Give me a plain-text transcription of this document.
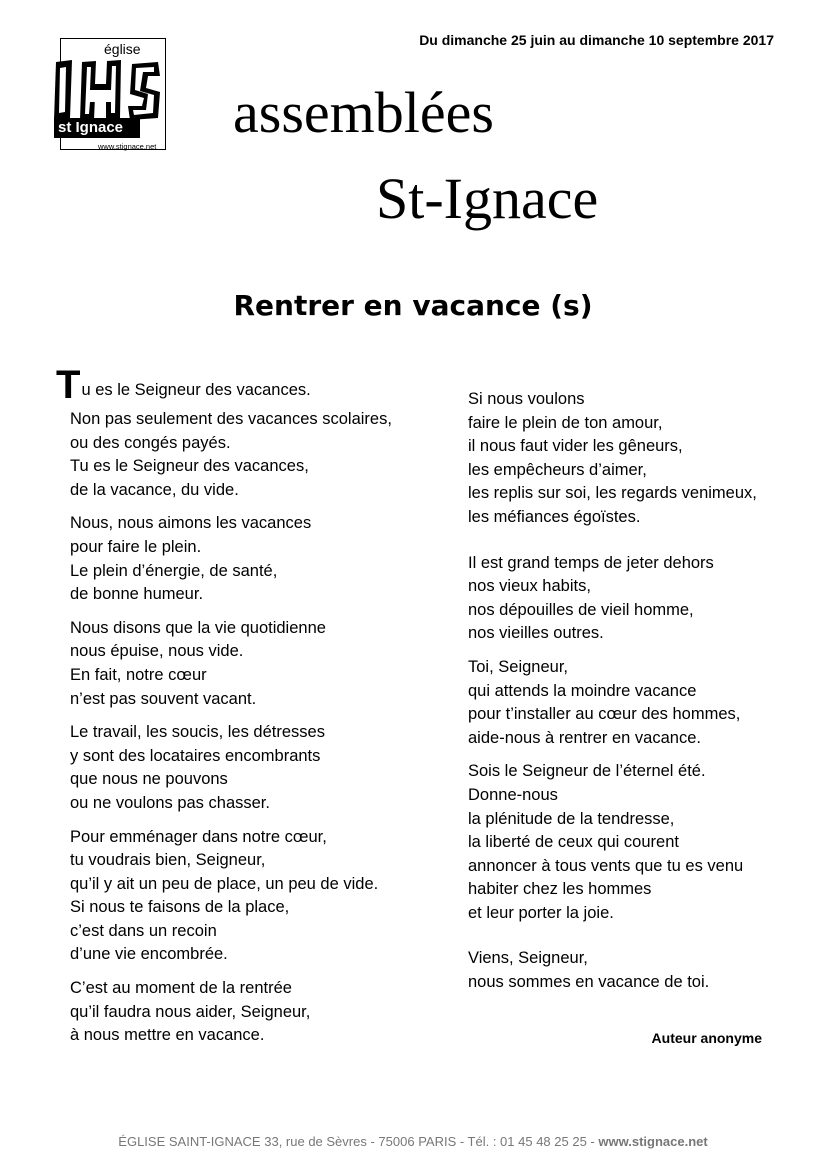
Du dimanche 25 juin au dimanche 10 septembre 2017
église
st Ignace
www.stignace.net
assemblées
St-Ignace
Rentrer en vacance (s)
T u es le Seigneur des vacances.
Non pas seulement des vacances scolaires,
ou des congés payés.
Tu es le Seigneur des vacances,
de la vacance, du vide.
Nous, nous aimons les vacances
pour faire le plein.
Le plein d’énergie, de santé,
de bonne humeur.
Nous disons que la vie quotidienne
nous épuise, nous vide.
En fait, notre cœur
n’est pas souvent vacant.
Le travail, les soucis, les détresses
y sont des locataires encombrants
que nous ne pouvons
ou ne voulons pas chasser.
Pour emménager dans notre cœur,
tu voudrais bien, Seigneur,
qu’il y ait un peu de place, un peu de vide.
Si nous te faisons de la place,
c’est dans un recoin
d’une vie encombrée.
C’est au moment de la rentrée
qu’il faudra nous aider, Seigneur,
à nous mettre en vacance.
Si nous voulons
faire le plein de ton amour,
il nous faut vider les gêneurs,
les empêcheurs d’aimer,
les replis sur soi, les regards venimeux,
les méfiances égoïstes.
Il est grand temps de jeter dehors
nos vieux habits,
nos dépouilles de vieil homme,
nos vieilles outres.
Toi, Seigneur,
qui attends la moindre vacance
pour t’installer au cœur des hommes,
aide-nous à rentrer en vacance.
Sois le Seigneur de l’éternel été.
Donne-nous
la plénitude de la tendresse,
la liberté de ceux qui courent
annoncer à tous vents que tu es venu
habiter chez les hommes
et leur porter la joie.
Viens, Seigneur,
nous sommes en vacance de toi.
Auteur anonyme
ÉGLISE SAINT-IGNACE 33, rue de Sèvres - 75006 PARIS - Tél. : 01 45 48 25 25 - www.stignace.net
